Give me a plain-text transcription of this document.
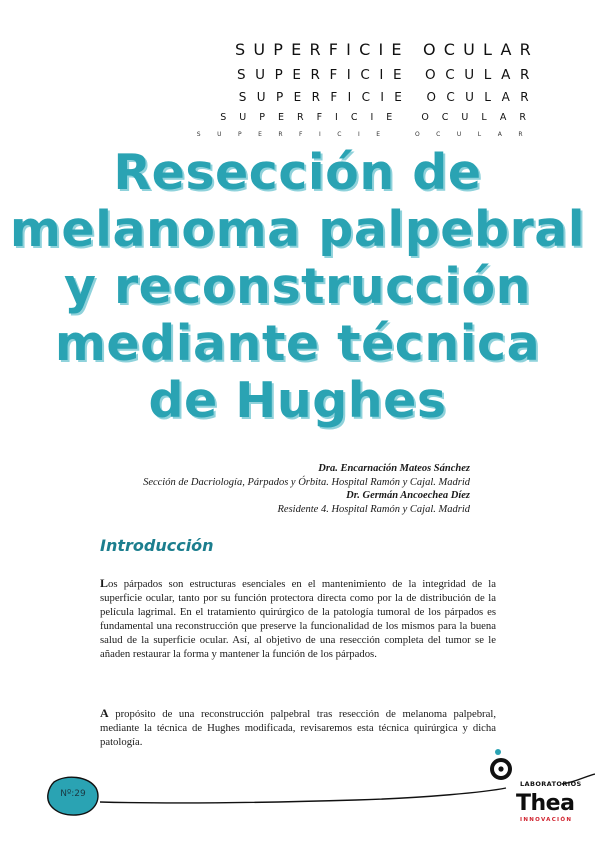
SUPERFICIE OCULAR
SUPERFICIE OCULAR
SUPERFICIE OCULAR
SUPERFICIE OCULAR
SUPERFICIE OCULAR
Resección de
melanoma palpebral
y reconstrucción
mediante técnica
de Hughes
Dra. Encarnación Mateos Sánchez
Sección de Dacriología, Párpados y Órbita. Hospital Ramón y Cajal. Madrid
Dr. Germán Ancoechea Díez
Residente 4. Hospital Ramón y Cajal. Madrid
Introducción

Los párpados son estructuras esenciales en el mantenimiento de la integridad de la superficie ocular, tanto por su función protectora directa como por la de distribución de la película lagrimal. En el tratamiento quirúrgico de la patología tumoral de los párpados es fundamental una reconstrucción que preserve la funcionalidad de los mismos para la buena salud de la superficie ocular. Así, al objetivo de una resección completa del tumor se le añaden restaurar la forma y mantener la función de los párpados.

A propósito de una reconstrucción palpebral tras resección de melanoma palpebral, mediante la técnica de Hughes modificada, revisaremos esta técnica quirúrgica y dicha patología.

Nº:29
LABORATORIOS
Thea
INNOVACIÓN
